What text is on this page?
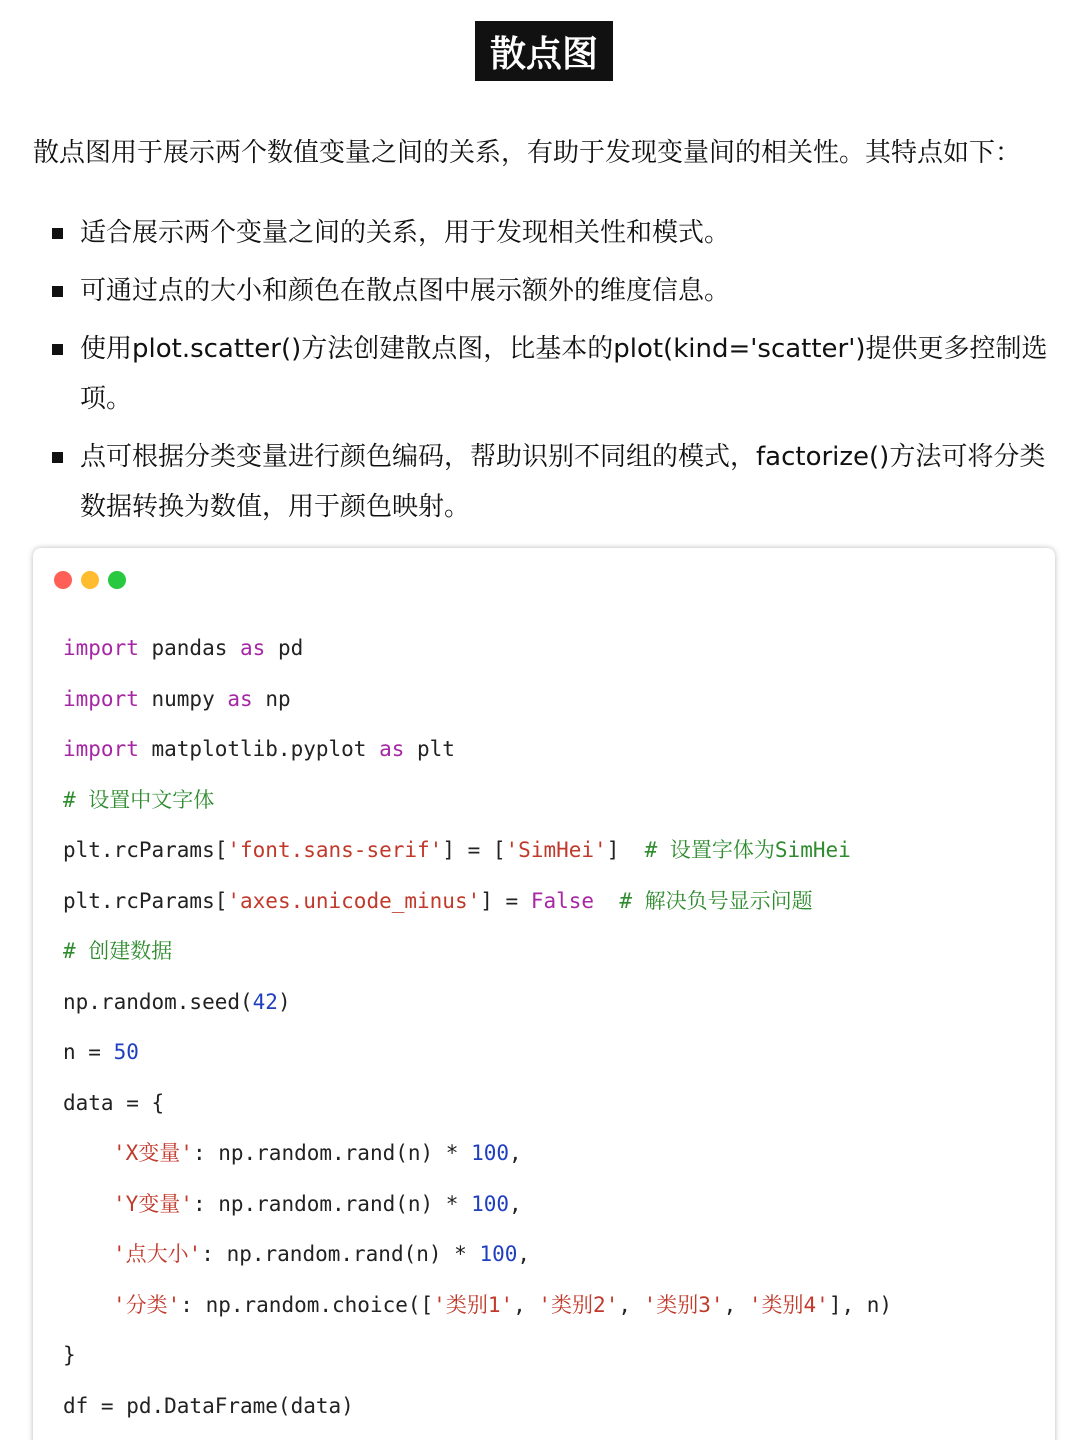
散点图
散点图用于展示两个数值变量之间的关系，有助于发现变量间的相关性。其特点如下：
适合展示两个变量之间的关系，用于发现相关性和模式。
可通过点的大小和颜色在散点图中展示额外的维度信息。
使用plot.scatter()方法创建散点图，比基本的plot(kind='scatter')提供更多控制选项。
点可根据分类变量进行颜色编码，帮助识别不同组的模式，factorize()方法可将分类数据转换为数值，用于颜色映射。
import pandas as pd
import numpy as np
import matplotlib.pyplot as plt
# 设置中文字体
plt.rcParams['font.sans-serif'] = ['SimHei']  # 设置字体为SimHei
plt.rcParams['axes.unicode_minus'] = False # 解决负号显示问题
# 创建数据
np.random.seed(42)
n = 50
data = {
'X变量': np.random.rand(n) * 100,
'Y变量': np.random.rand(n) * 100,
'点大小': np.random.rand(n) * 100,
'分类': np.random.choice(['类别1', '类别2', '类别3', '类别4'], n)
}
df = pd.DataFrame(data)
